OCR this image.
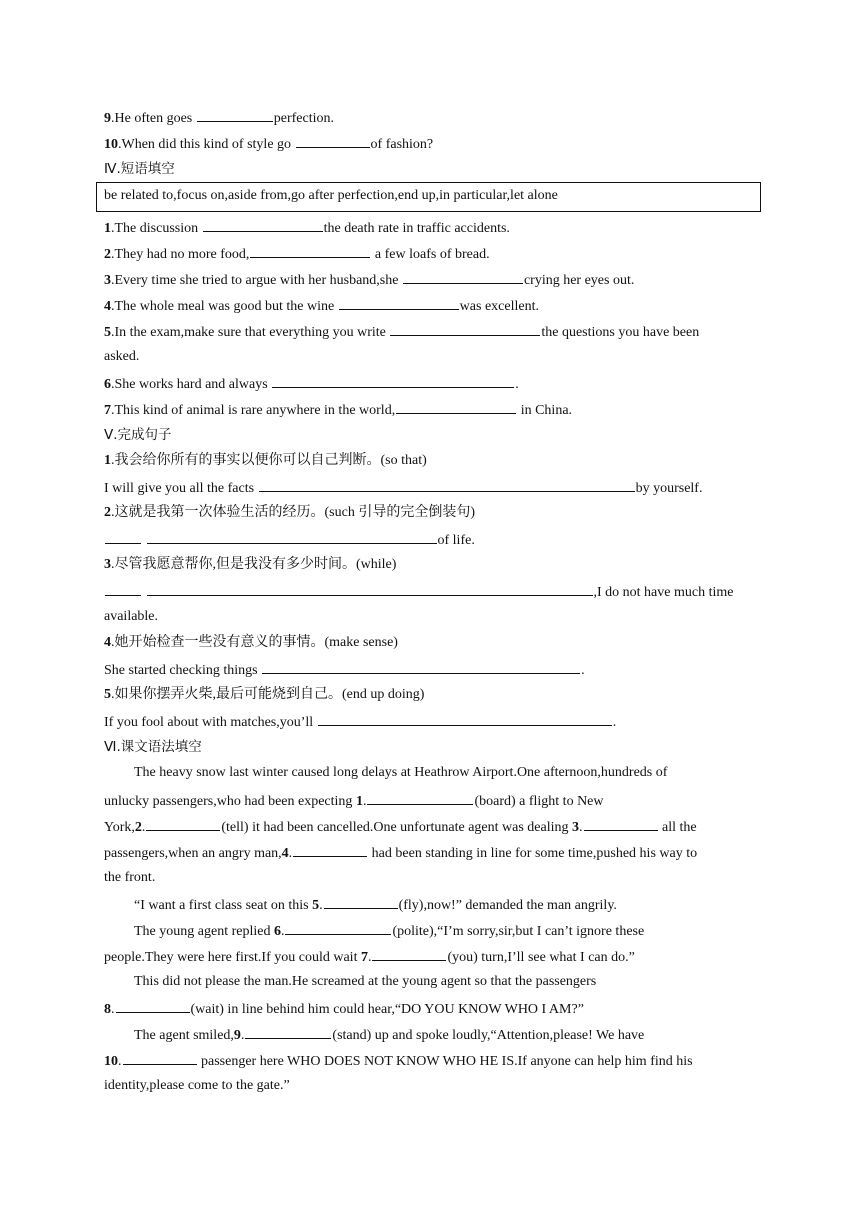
9.He often goes	perfection.
10.When did this kind of style go	of fashion?
Ⅳ.短语填空
be related to,focus on,aside from,go after perfection,end up,in particular,let alone
1.The discussion	the death rate in traffic accidents.
2.They had no more food,	a few loafs of bread.
3.Every time she tried to argue with her husband,she	crying her eyes out.
4.The whole meal was good but the wine	was excellent.
5.In the exam,make sure that everything you write	the questions you have been
asked.
6.She works hard and always	.
7.This kind of animal is rare anywhere in the world,	in China.
Ⅴ.完成句子
1.我会给你所有的事实以便你可以自己判断。(so that)
I will give you all the facts	by yourself.
2.这就是我第一次体验生活的经历。(such 引导的完全倒装句)
of life.
3.尽管我愿意帮你,但是我没有多少时间。(while)
,I do not have much time
available.
4.她开始检查一些没有意义的事情。(make sense)
She started checking things	.
5.如果你摆弄火柴,最后可能烧到自己。(end up doing)
If you fool about with matches,you’ll	.
Ⅵ.课文语法填空
The heavy snow last winter caused long delays at Heathrow Airport.One afternoon,hundreds of
unlucky passengers,who had been expecting 1.	(board) a flight to New
York,2.	(tell) it had been cancelled.One unfortunate agent was dealing 3.	all the
passengers,when an angry man,4.	had been standing in line for some time,pushed his way to
the front.
“I want a first class seat on this 5.	(fly),now!” demanded the man angrily.
The young agent replied 6.	(polite),“I’m sorry,sir,but I can’t ignore these
people.They were here first.If you could wait 7.	(you) turn,I’ll see what I can do.”
This did not please the man.He screamed at the young agent so that the passengers
8.	(wait) in line behind him could hear,“DO YOU KNOW WHO I AM?”
The agent smiled,9.	(stand) up and spoke loudly,“Attention,please! We have
10.	passenger here WHO DOES NOT KNOW WHO HE IS.If anyone can help him find his
identity,please come to the gate.”
